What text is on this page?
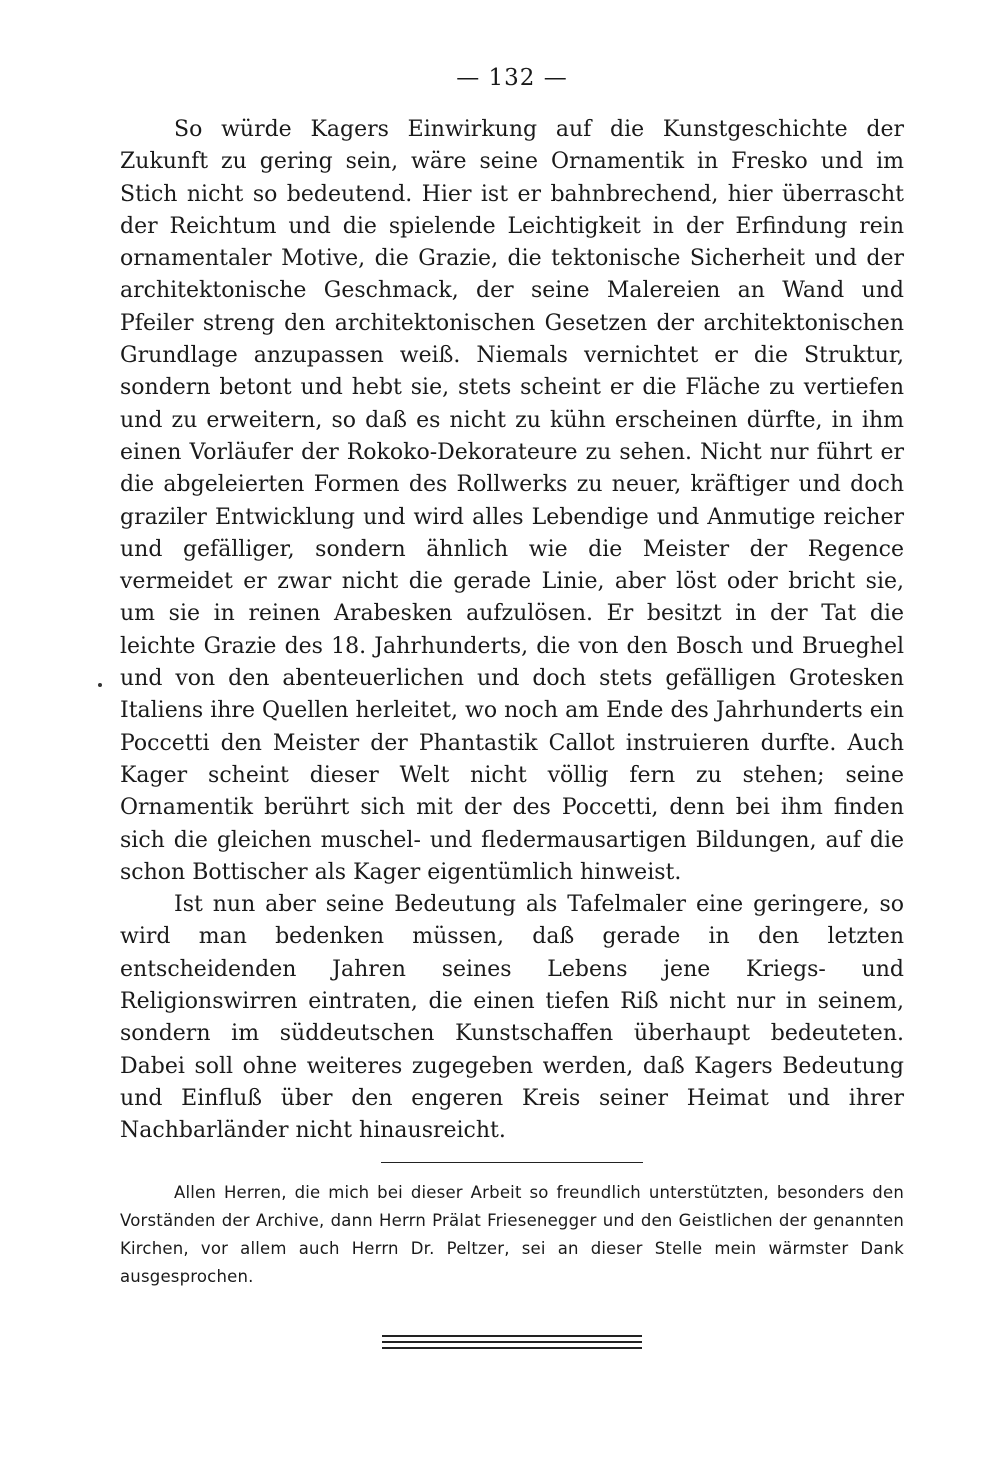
— 132 —

So würde Kagers Einwirkung auf die Kunstgeschichte der Zukunft zu gering sein, wäre seine Ornamentik in Fresko und im Stich nicht so bedeutend. Hier ist er bahnbrechend, hier überrascht der Reichtum und die spielende Leichtigkeit in der Erfindung rein ornamentaler Motive, die Grazie, die tektonische Sicherheit und der architektonische Geschmack, der seine Malereien an Wand und Pfeiler streng den architektonischen Gesetzen der architektonischen Grundlage anzupassen weiß. Niemals vernichtet er die Struktur, sondern betont und hebt sie, stets scheint er die Fläche zu vertiefen und zu erweitern, so daß es nicht zu kühn erscheinen dürfte, in ihm einen Vorläufer der Rokoko-Dekorateure zu sehen. Nicht nur führt er die abgeleierten Formen des Rollwerks zu neuer, kräftiger und doch graziler Entwicklung und wird alles Lebendige und Anmutige reicher und gefälliger, sondern ähnlich wie die Meister der Regence vermeidet er zwar nicht die gerade Linie, aber löst oder bricht sie, um sie in reinen Arabesken aufzulösen. Er besitzt in der Tat die leichte Grazie des 18. Jahrhunderts, die von den Bosch und Brueghel und von den abenteuerlichen und doch stets gefälligen Grotesken Italiens ihre Quellen herleitet, wo noch am Ende des Jahrhunderts ein Poccetti den Meister der Phantastik Callot instruieren durfte. Auch Kager scheint dieser Welt nicht völlig fern zu stehen; seine Ornamentik berührt sich mit der des Poccetti, denn bei ihm finden sich die gleichen muschel- und fledermausartigen Bildungen, auf die schon Bottischer als Kager eigentümlich hinweist.

Ist nun aber seine Bedeutung als Tafelmaler eine geringere, so wird man bedenken müssen, daß gerade in den letzten entscheidenden Jahren seines Lebens jene Kriegs- und Religionswirren eintraten, die einen tiefen Riß nicht nur in seinem, sondern im süddeutschen Kunstschaffen überhaupt bedeuteten. Dabei soll ohne weiteres zugegeben werden, daß Kagers Bedeutung und Einfluß über den engeren Kreis seiner Heimat und ihrer Nachbarländer nicht hinausreicht.

Allen Herren, die mich bei dieser Arbeit so freundlich unterstützten, besonders den Vorständen der Archive, dann Herrn Prälat Friesenegger und den Geistlichen der genannten Kirchen, vor allem auch Herrn Dr. Peltzer, sei an dieser Stelle mein wärmster Dank ausgesprochen.
